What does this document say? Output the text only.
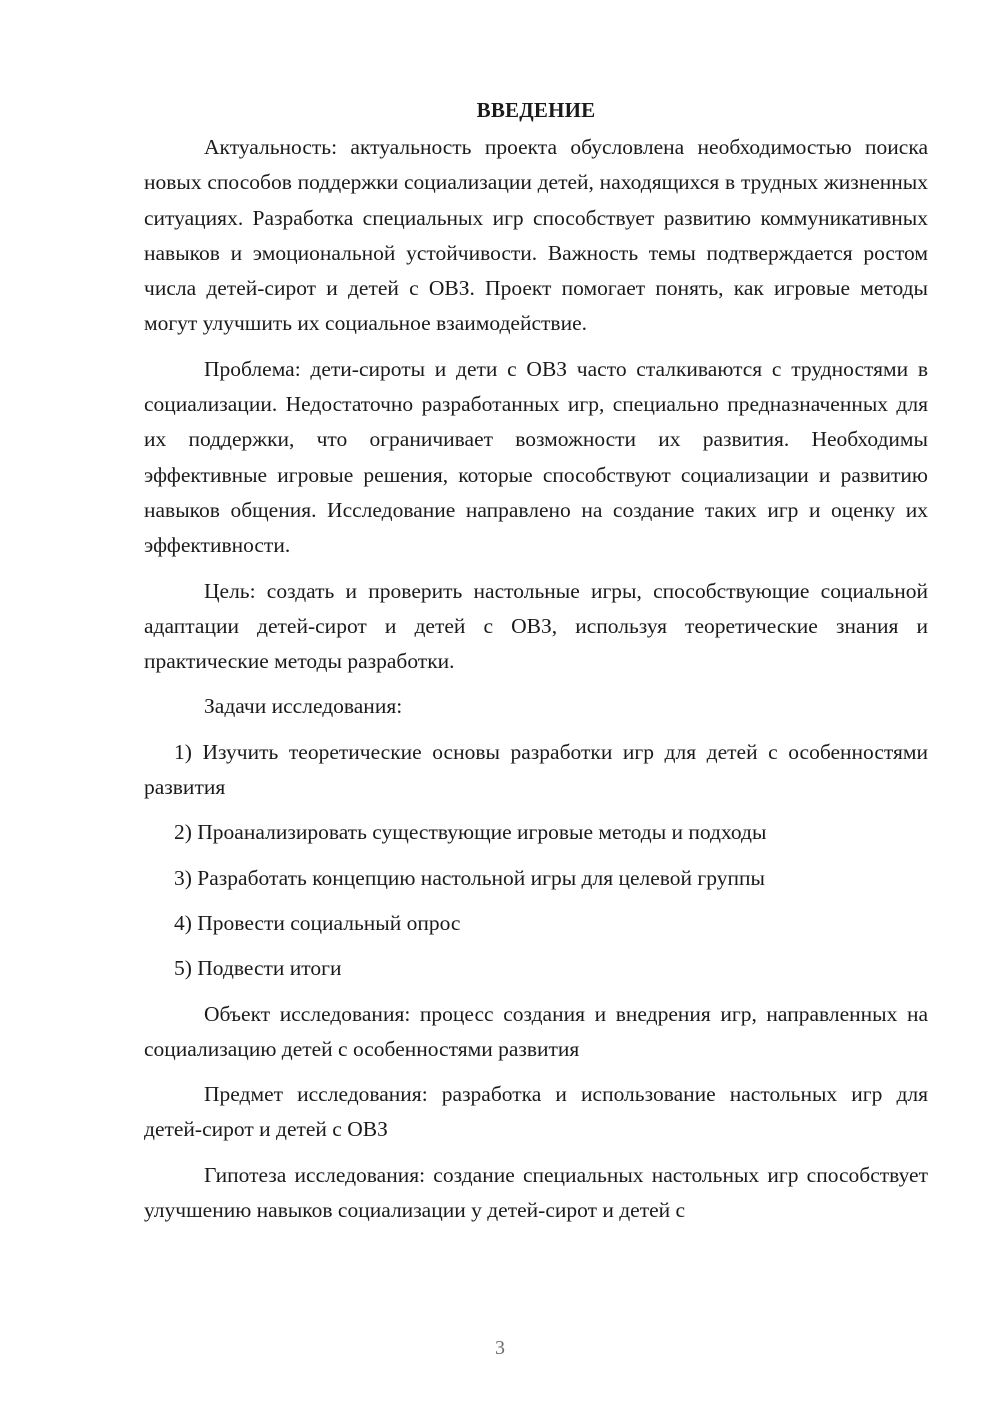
ВВЕДЕНИЕ

Актуальность: актуальность проекта обусловлена необходимостью поиска новых способов поддержки социализации детей, находящихся в трудных жизненных ситуациях. Разработка специальных игр способствует развитию коммуникативных навыков и эмоциональной устойчивости. Важность темы подтверждается ростом числа детей-сирот и детей с ОВЗ. Проект помогает понять, как игровые методы могут улучшить их социальное взаимодействие.

Проблема: дети-сироты и дети с ОВЗ часто сталкиваются с трудностями в социализации. Недостаточно разработанных игр, специально предназначенных для их поддержки, что ограничивает возможности их развития. Необходимы эффективные игровые решения, которые способствуют социализации и развитию навыков общения. Исследование направлено на создание таких игр и оценку их эффективности.

Цель: создать и проверить настольные игры, способствующие социальной адаптации детей-сирот и детей с ОВЗ, используя теоретические знания и практические методы разработки.

Задачи исследования:

1) Изучить теоретические основы разработки игр для детей с особенностями развития

2) Проанализировать существующие игровые методы и подходы

3) Разработать концепцию настольной игры для целевой группы

4) Провести социальный опрос

5) Подвести итоги

Объект исследования: процесс создания и внедрения игр, направленных на социализацию детей с особенностями развития

Предмет исследования: разработка и использование настольных игр для детей-сирот и детей с ОВЗ

Гипотеза исследования: создание специальных настольных игр способствует улучшению навыков социализации у детей-сирот и детей с

3
